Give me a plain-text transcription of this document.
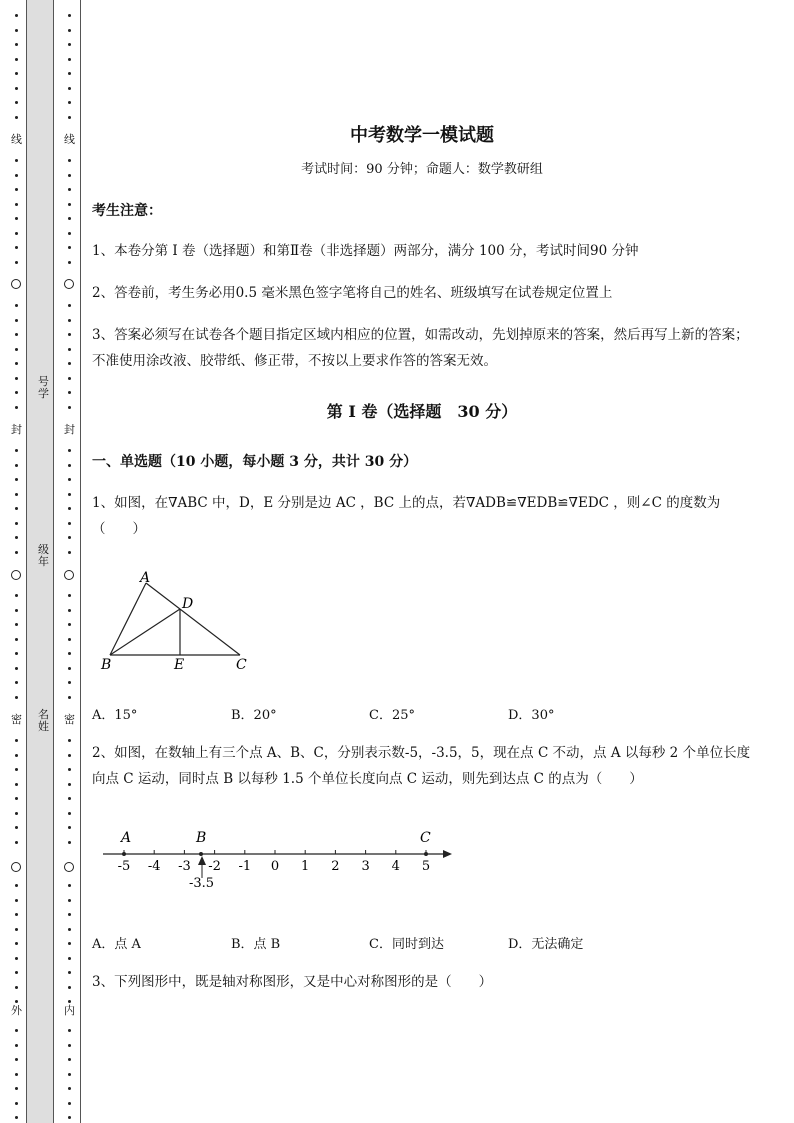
线
封
密
外
线
封
密
内
号学
级年
名姓
中考数学一模试题
考试时间：90 分钟；命题人：数学教研组
考生注意：
1、本卷分第 I 卷（选择题）和第Ⅱ卷（非选择题）两部分，满分 100 分，考试时间90 分钟
2、答卷前，考生务必用0.5 毫米黑色签字笔将自己的姓名、班级填写在试卷规定位置上
3、答案必须写在试卷各个题目指定区域内相应的位置，如需改动，先划掉原来的答案，然后再写上新的答案；不准使用涂改液、胶带纸、修正带，不按以上要求作答的答案无效。
第 I 卷（选择题　30 分）
一、单选题（10 小题，每小题 3 分，共计 30 分）
1、如图，在∇ABC 中，D，E 分别是边 AC ，BC 上的点，若∇ADB≌∇EDB≌∇EDC ，则∠C 的度数为（　　）
A
D
B	E	C
A．15°	B．20°	C．25°	D．30°
2、如图，在数轴上有三个点 A、B、C，分别表示数-5，-3.5，5，现在点 C 不动，点 A 以每秒 2 个单位长度向点 C 运动，同时点 B 以每秒 1.5 个单位长度向点 C 运动，则先到达点 C 的点为（　　）
A	B	C
-3.5
-5 -4 -3 -2 -1 0 1 2 3 4 5
A．点 A	B．点 B	C．同时到达	D．无法确定
3、下列图形中，既是轴对称图形，又是中心对称图形的是（　　）
